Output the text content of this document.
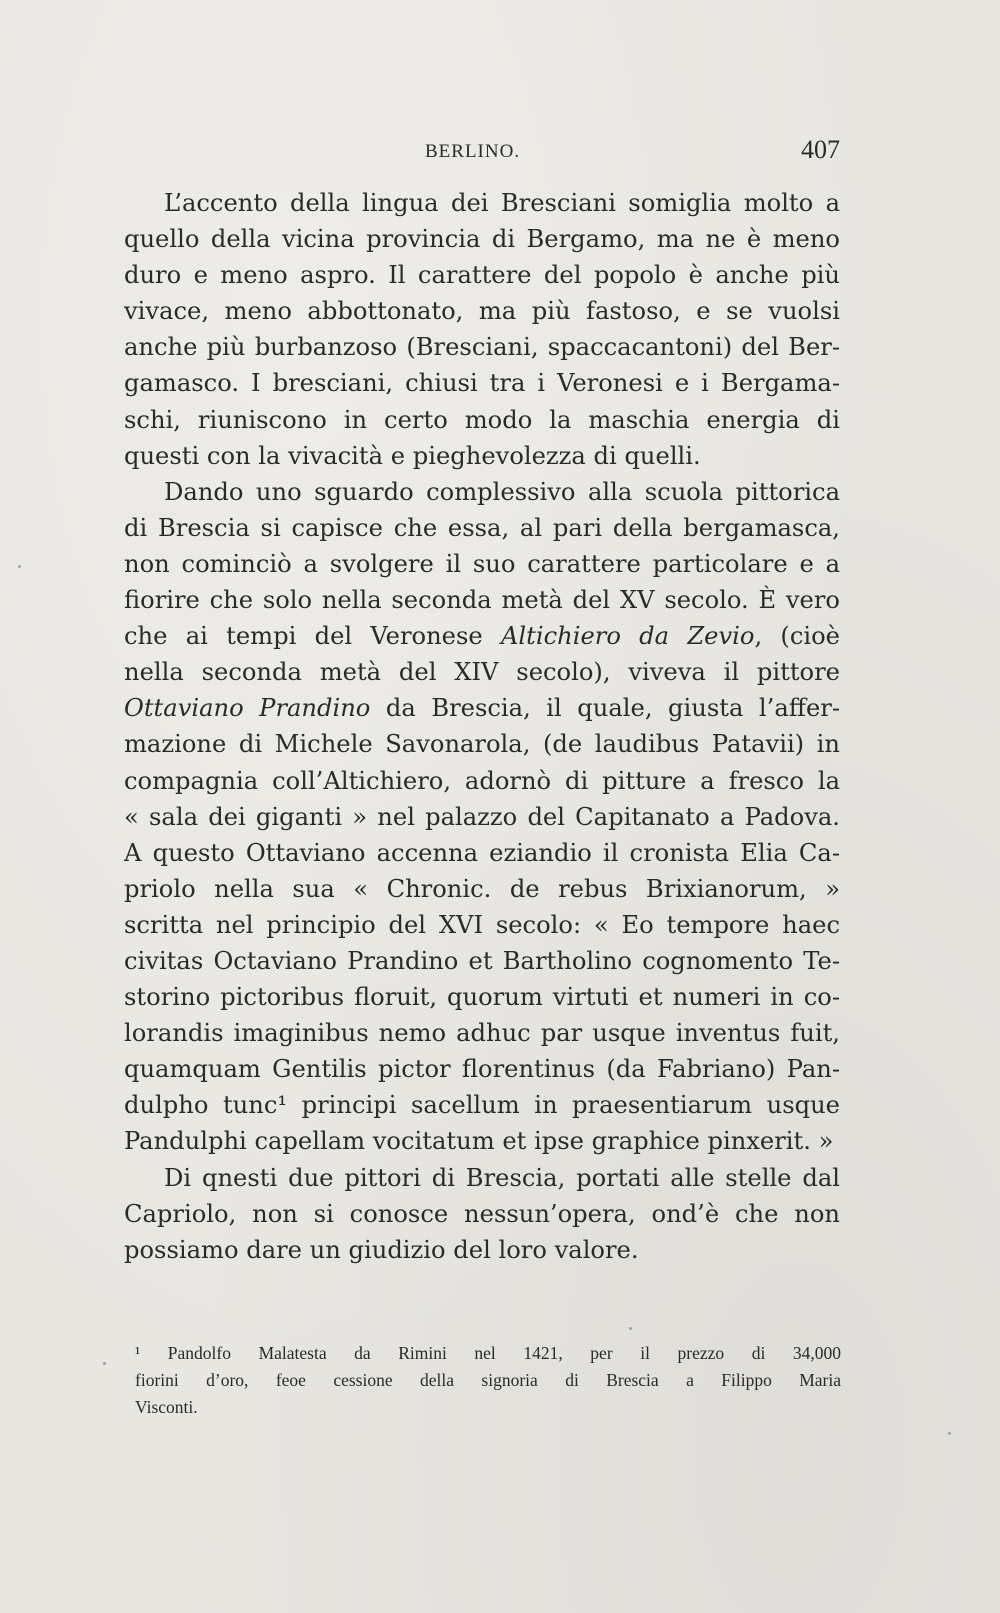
BERLINO.	407
L’accento della lingua dei Bresciani somiglia molto a
quello della vicina provincia di Bergamo, ma ne è meno
duro e meno aspro. Il carattere del popolo è anche più
vivace, meno abbottonato, ma più fastoso, e se vuolsi
anche più burbanzoso (Bresciani, spaccacantoni) del Ber-
gamasco. I bresciani, chiusi tra i Veronesi e i Bergama-
schi, riuniscono in certo modo la maschia energia di
questi con la vivacità e pieghevolezza di quelli.
Dando uno sguardo complessivo alla scuola pittorica
di Brescia si capisce che essa, al pari della bergamasca,
non cominciò a svolgere il suo carattere particolare e a
fiorire che solo nella seconda metà del XV secolo. È vero
che ai tempi del Veronese Altichiero da Zevio, (cioè
nella seconda metà del XIV secolo), viveva il pittore
Ottaviano Prandino da Brescia, il quale, giusta l’affer-
mazione di Michele Savonarola, (de laudibus Patavii) in
compagnia coll’Altichiero, adornò di pitture a fresco la
« sala dei giganti » nel palazzo del Capitanato a Padova.
A questo Ottaviano accenna eziandio il cronista Elia Ca-
priolo nella sua « Chronic. de rebus Brixianorum, »
scritta nel principio del XVI secolo: « Eo tempore haec
civitas Octaviano Prandino et Bartholino cognomento Te-
storino pictoribus floruit, quorum virtuti et numeri in co-
lorandis imaginibus nemo adhuc par usque inventus fuit,
quamquam Gentilis pictor florentinus (da Fabriano) Pan-
dulpho tunc¹ principi sacellum in praesentiarum usque
Pandulphi capellam vocitatum et ipse graphice pinxerit. »
Di qnesti due pittori di Brescia, portati alle stelle dal
Capriolo, non si conosce nessun’opera, ond’è che non
possiamo dare un giudizio del loro valore.
¹ Pandolfo Malatesta da Rimini nel 1421, per il prezzo di 34,000
fiorini d’oro, feoe cessione della signoria di Brescia a Filippo Maria
Visconti.
